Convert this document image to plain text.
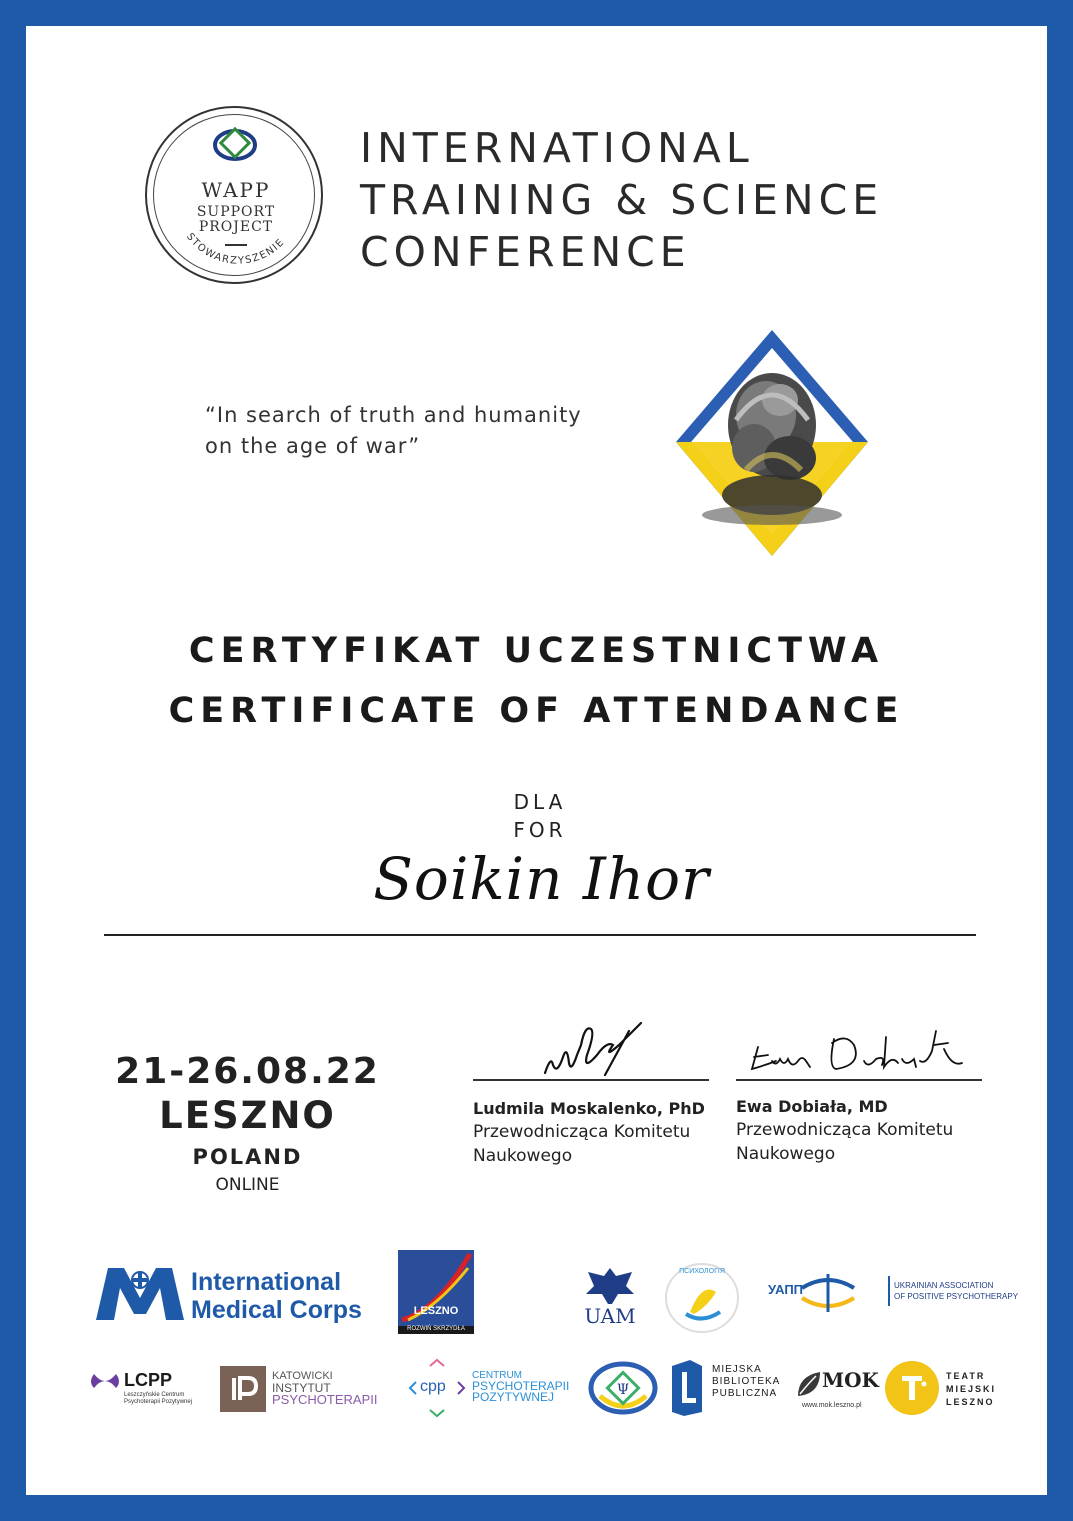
WAPP
SUPPORT
PROJECT
STOWARZYSZENIE
INTERNATIONAL
TRAINING & SCIENCE
CONFERENCE
“In search of truth and humanity
on the age of war”
CERTYFIKAT UCZESTNICTWA
CERTIFICATE OF ATTENDANCE
DLA
FOR
Soikin Ihor
21-26.08.22
LESZNO
POLAND
ONLINE
Ludmila Moskalenko, PhD
Przewodnicząca Komitetu
Naukowego
Ewa Dobiała, MD
Przewodnicząca Komitetu
Naukowego
International
Medical Corps	LESZNO
ROZWIŃ SKRZYDŁA
UAM
ПСИХОЛОГІЯ
УАПП	UKRAINIAN ASSOCIATION
OF POSITIVE PSYCHOTHERAPY
LCPP
Leszczyńskie Centrum
Psychoterapii Pozytywnej
KATOWICKI
INSTYTUT
PSYCHOTERAPII
cpp
CENTRUM
PSYCHOTERAPII
POZYTYWNEJ	Ψ
MIEJSKA
BIBLIOTEKA
PUBLICZNA
MOK
www.mok.leszno.pl
TEATR
MIEJSKI
LESZNO
